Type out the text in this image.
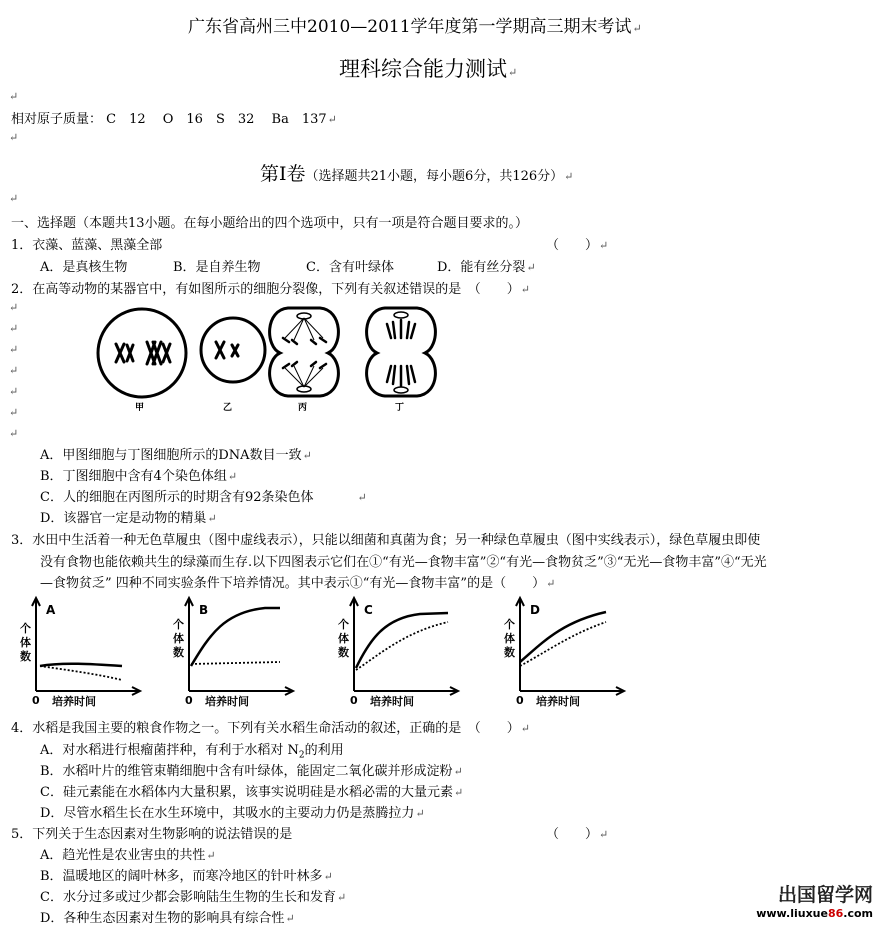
广东省高州三中2010—2011学年度第一学期高三期末考试↵
理科综合能力测试↵
↵
相对原子质量： C　12　 O　16　S　32　 Ba　137↵
↵
第Ⅰ卷（选择题共21小题，每小题6分，共126分）↵
↵
一、选择题（本题共13小题。在每小题给出的四个选项中，只有一项是符合题目要求的。）
1．衣藻、蓝藻、黑藻全部	（　　）↵
A．是真核生物	B．是自养生物	C．含有叶绿体	D．能有丝分裂↵
2．在高等动物的某器官中，有如图所示的细胞分裂像，下列有关叙述错误的是　（　　）↵
↵
↵
↵
↵
↵
↵
↵
甲	乙	丙	丁
A．甲图细胞与丁图细胞所示的DNA数目一致↵
B．丁图细胞中含有4个染色体组↵
C．人的细胞在丙图所示的时期含有92条染色体	↵
D．该器官一定是动物的精巢↵
3．水田中生活着一种无色草履虫（图中虚线表示），只能以细菌和真菌为食；另一种绿色草履虫（图中实线表示），绿色草履虫即使
没有食物也能依赖共生的绿藻而生存.以下四图表示它们在①“有光—食物丰富”②“有光—食物贫乏”③“无光—食物丰富”④“无光
—食物贫乏” 四种不同实验条件下培养情况。其中表示①“有光—食物丰富”的是（　　）↵
A
个
体
数
0 培养时间
B
个
体
数
0 培养时间
C
个
体
数
0 培养时间
D
个
体
数
0 培养时间
4．水稻是我国主要的粮食作物之一。下列有关水稻生命活动的叙述，正确的是　（　　）↵
A．对水稻进行根瘤菌拌种，有利于水稻对 $N_2$的利用
B．水稻叶片的维管束鞘细胞中含有叶绿体，能固定二氧化碳并形成淀粉↵
C．硅元素能在水稻体内大量积累，该事实说明硅是水稻必需的大量元素↵
D．尽管水稻生长在水生环境中，其吸水的主要动力仍是蒸腾拉力↵
5．下列关于生态因素对生物影响的说法错误的是	（　　）↵
A．趋光性是农业害虫的共性↵
B．温暖地区的阔叶林多，而寒冷地区的针叶林多↵
C．水分过多或过少都会影响陆生生物的生长和发育↵
D．各种生态因素对生物的影响具有综合性↵
出国留学网
www.liuxue86.com
